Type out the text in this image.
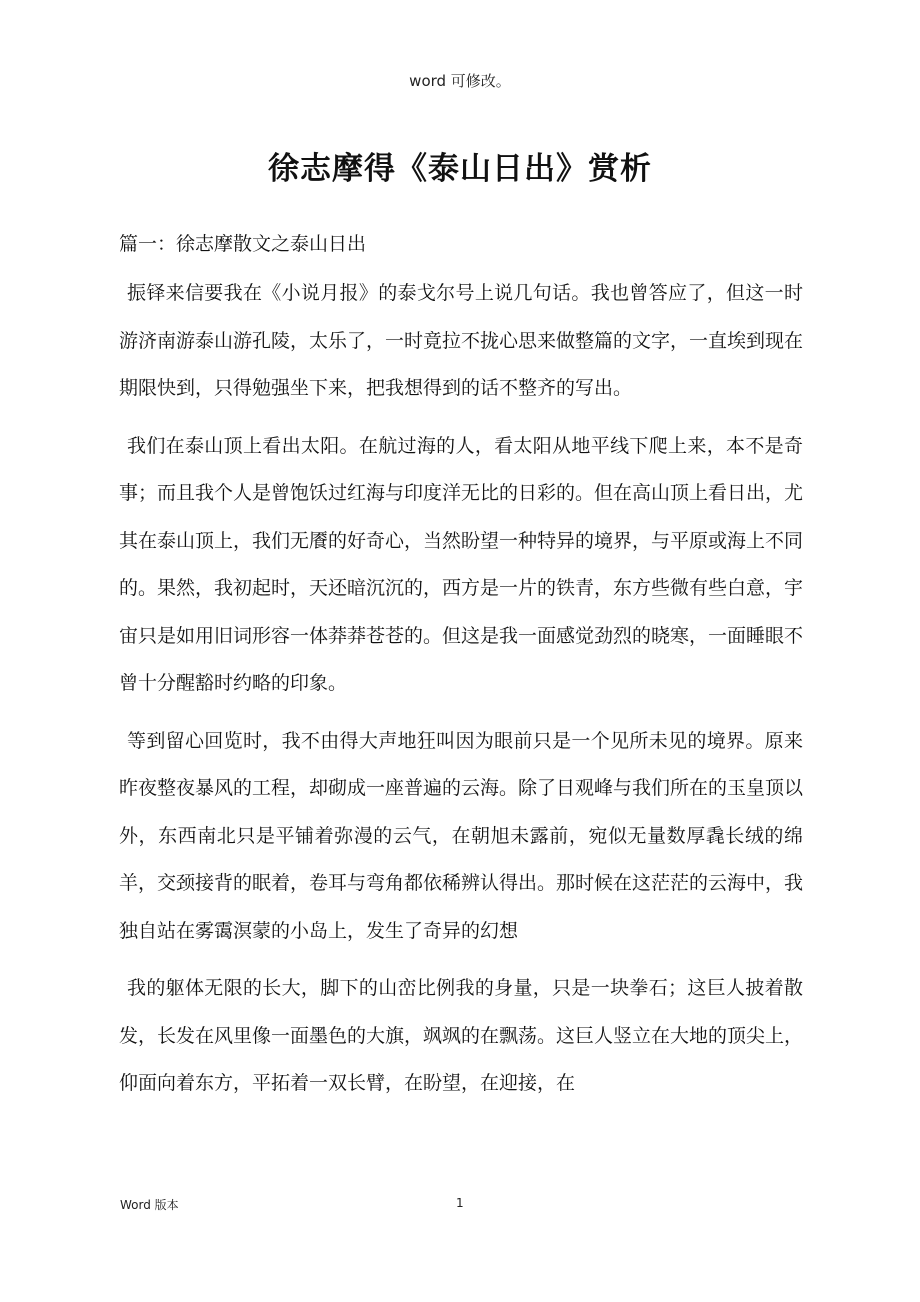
word 可修改。
徐志摩得《泰山日出》赏析
篇一：徐志摩散文之泰山日出

振铎来信要我在《小说月报》的泰戈尔号上说几句话。我也曾答应了，但这一时游济南游泰山游孔陵，太乐了，一时竟拉不拢心思来做整篇的文字，一直埃到现在期限快到，只得勉强坐下来，把我想得到的话不整齐的写出。

我们在泰山顶上看出太阳。在航过海的人，看太阳从地平线下爬上来，本不是奇事；而且我个人是曾饱饫过红海与印度洋无比的日彩的。但在高山顶上看日出，尤其在泰山顶上，我们无餍的好奇心，当然盼望一种特异的境界，与平原或海上不同的。果然，我初起时，天还暗沉沉的，西方是一片的铁青，东方些微有些白意，宇宙只是如用旧词形容一体莽莽苍苍的。但这是我一面感觉劲烈的晓寒，一面睡眼不曾十分醒豁时约略的印象。

等到留心回览时，我不由得大声地狂叫因为眼前只是一个见所未见的境界。原来昨夜整夜暴风的工程，却砌成一座普遍的云海。除了日观峰与我们所在的玉皇顶以外，东西南北只是平铺着弥漫的云气，在朝旭未露前，宛似无量数厚毳长绒的绵羊，交颈接背的眠着，卷耳与弯角都依稀辨认得出。那时候在这茫茫的云海中，我独自站在雾霭溟蒙的小岛上，发生了奇异的幻想

我的躯体无限的长大，脚下的山峦比例我的身量，只是一块拳石；这巨人披着散发，长发在风里像一面墨色的大旗，飒飒的在飘荡。这巨人竖立在大地的顶尖上，仰面向着东方，平拓着一双长臂，在盼望，在迎接，在

Word 版本	1
